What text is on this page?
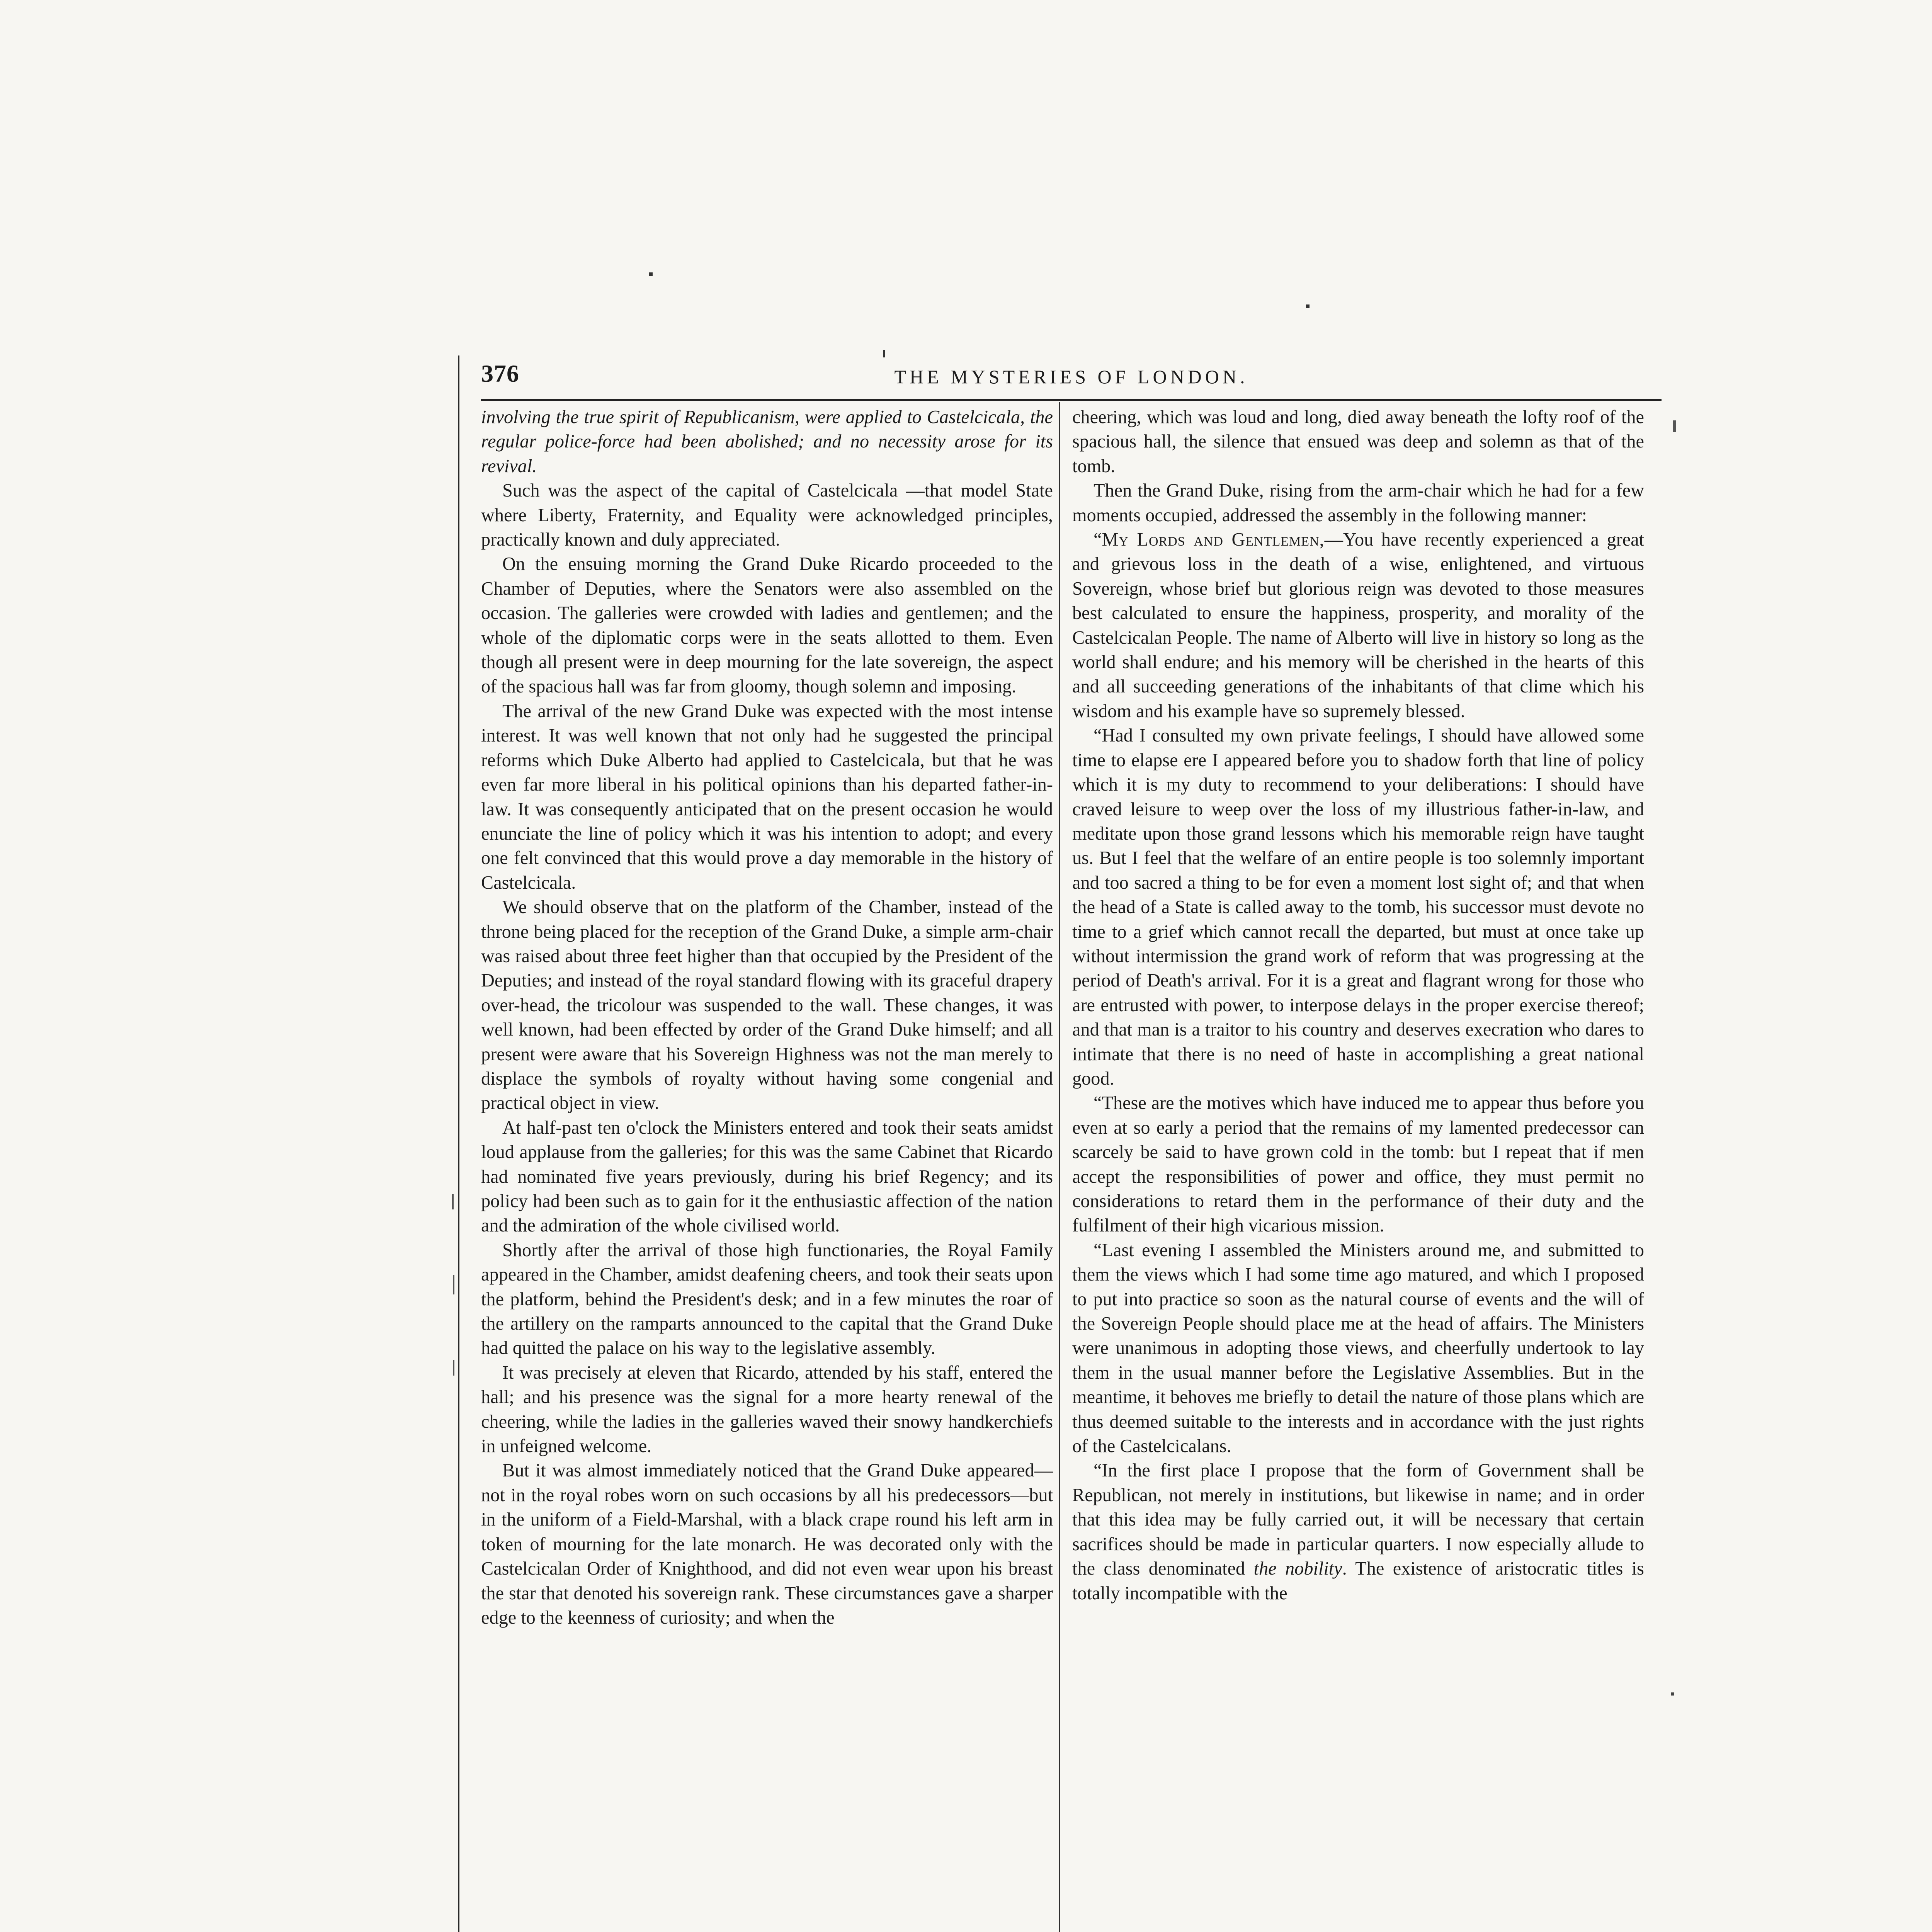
376	THE MYSTERIES OF LONDON.

involving the true spirit of Republicanism, were applied to Castelcicala, the regular police-force had been abolished; and no necessity arose for its revival.

Such was the aspect of the capital of Castelcicala —that model State where Liberty, Fraternity, and Equality were acknowledged principles, practically known and duly appreciated.

On the ensuing morning the Grand Duke Ricardo proceeded to the Chamber of Deputies, where the Senators were also assembled on the occasion. The galleries were crowded with ladies and gentlemen; and the whole of the diplomatic corps were in the seats allotted to them. Even though all present were in deep mourning for the late sovereign, the aspect of the spacious hall was far from gloomy, though solemn and imposing.

The arrival of the new Grand Duke was expected with the most intense interest. It was well known that not only had he suggested the principal reforms which Duke Alberto had applied to Castelcicala, but that he was even far more liberal in his political opinions than his departed father-in-law. It was consequently anticipated that on the present occasion he would enunciate the line of policy which it was his intention to adopt; and every one felt convinced that this would prove a day memorable in the history of Castelcicala.

We should observe that on the platform of the Chamber, instead of the throne being placed for the reception of the Grand Duke, a simple arm-chair was raised about three feet higher than that occupied by the President of the Deputies; and instead of the royal standard flowing with its graceful drapery over-head, the tricolour was suspended to the wall. These changes, it was well known, had been effected by order of the Grand Duke himself; and all present were aware that his Sovereign Highness was not the man merely to displace the symbols of royalty without having some congenial and practical object in view.

At half-past ten o'clock the Ministers entered and took their seats amidst loud applause from the galleries; for this was the same Cabinet that Ricardo had nominated five years previously, during his brief Regency; and its policy had been such as to gain for it the enthusiastic affection of the nation and the admiration of the whole civilised world.

Shortly after the arrival of those high functionaries, the Royal Family appeared in the Chamber, amidst deafening cheers, and took their seats upon the platform, behind the President's desk; and in a few minutes the roar of the artillery on the ramparts announced to the capital that the Grand Duke had quitted the palace on his way to the legislative assembly.

It was precisely at eleven that Ricardo, attended by his staff, entered the hall; and his presence was the signal for a more hearty renewal of the cheering, while the ladies in the galleries waved their snowy handkerchiefs in unfeigned welcome.

But it was almost immediately noticed that the Grand Duke appeared—not in the royal robes worn on such occasions by all his predecessors—but in the uniform of a Field-Marshal, with a black crape round his left arm in token of mourning for the late monarch. He was decorated only with the Castelcicalan Order of Knighthood, and did not even wear upon his breast the star that denoted his sovereign rank. These circumstances gave a sharper edge to the keenness of curiosity; and when the

cheering, which was loud and long, died away beneath the lofty roof of the spacious hall, the silence that ensued was deep and solemn as that of the tomb.

Then the Grand Duke, rising from the arm-chair which he had for a few moments occupied, addressed the assembly in the following manner:

“My Lords and Gentlemen,—You have recently experienced a great and grievous loss in the death of a wise, enlightened, and virtuous Sovereign, whose brief but glorious reign was devoted to those measures best calculated to ensure the happiness, prosperity, and morality of the Castelcicalan People. The name of Alberto will live in history so long as the world shall endure; and his memory will be cherished in the hearts of this and all succeeding generations of the inhabitants of that clime which his wisdom and his example have so supremely blessed.

“Had I consulted my own private feelings, I should have allowed some time to elapse ere I appeared before you to shadow forth that line of policy which it is my duty to recommend to your deliberations: I should have craved leisure to weep over the loss of my illustrious father-in-law, and meditate upon those grand lessons which his memorable reign have taught us. But I feel that the welfare of an entire people is too solemnly important and too sacred a thing to be for even a moment lost sight of; and that when the head of a State is called away to the tomb, his successor must devote no time to a grief which cannot recall the departed, but must at once take up without intermission the grand work of reform that was progressing at the period of Death's arrival. For it is a great and flagrant wrong for those who are entrusted with power, to interpose delays in the proper exercise thereof; and that man is a traitor to his country and deserves execration who dares to intimate that there is no need of haste in accomplishing a great national good.

“These are the motives which have induced me to appear thus before you even at so early a period that the remains of my lamented predecessor can scarcely be said to have grown cold in the tomb: but I repeat that if men accept the responsibilities of power and office, they must permit no considerations to retard them in the performance of their duty and the fulfilment of their high vicarious mission.

“Last evening I assembled the Ministers around me, and submitted to them the views which I had some time ago matured, and which I proposed to put into practice so soon as the natural course of events and the will of the Sovereign People should place me at the head of affairs. The Ministers were unanimous in adopting those views, and cheerfully undertook to lay them in the usual manner before the Legislative Assemblies. But in the meantime, it behoves me briefly to detail the nature of those plans which are thus deemed suitable to the interests and in accordance with the just rights of the Castelcicalans.

“In the first place I propose that the form of Government shall be Republican, not merely in institutions, but likewise in name; and in order that this idea may be fully carried out, it will be necessary that certain sacrifices should be made in particular quarters. I now especially allude to the class denominated the nobility. The existence of aristocratic titles is totally incompatible with the
